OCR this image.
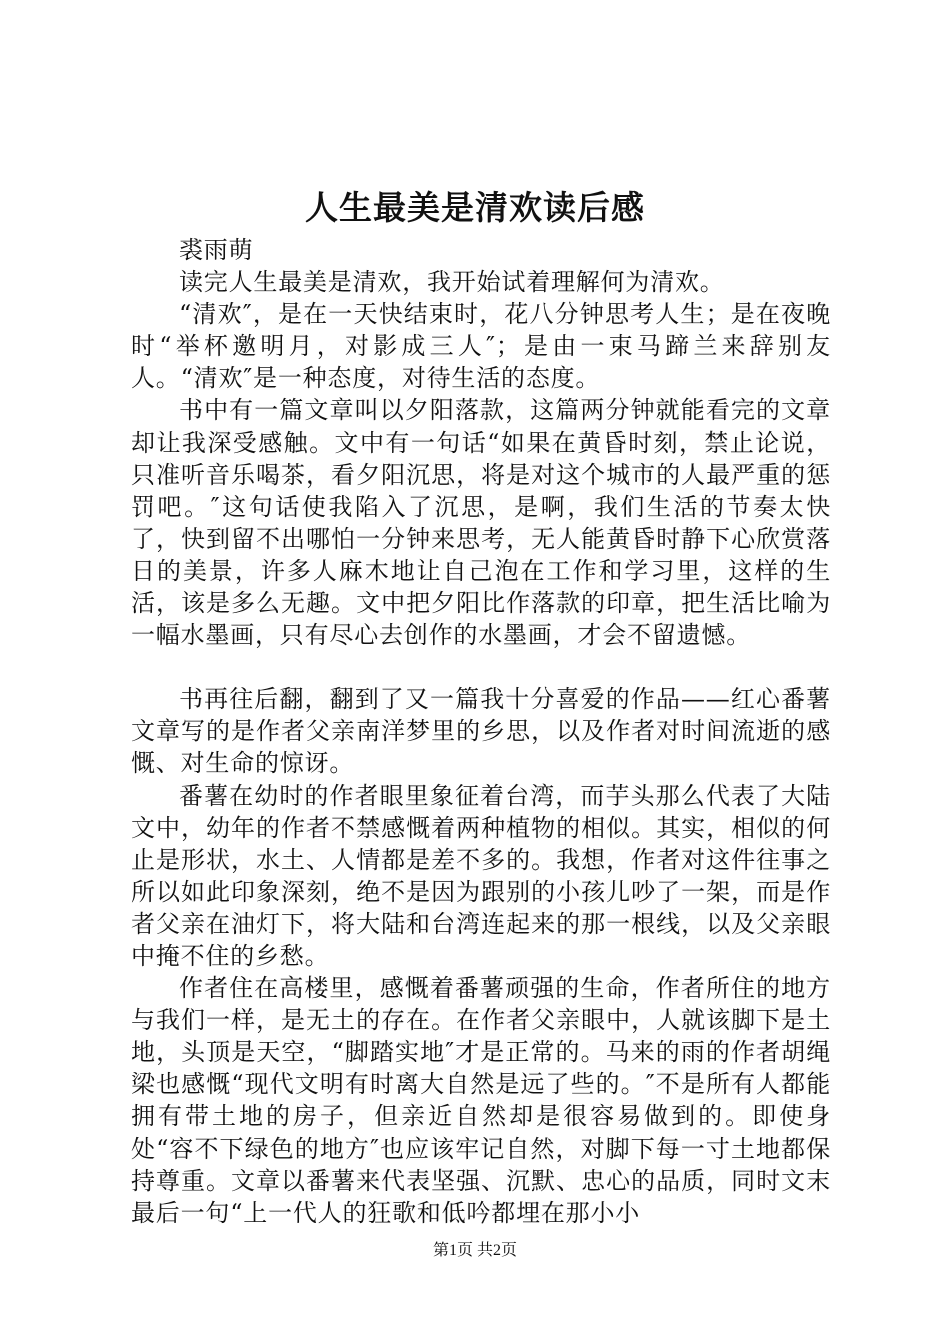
人生最美是清欢读后感

裘雨萌

读完人生最美是清欢，我开始试着理解何为清欢。

“清欢″，是在一天快结束时，花八分钟思考人生；是在夜晚时“举杯邀明月，对影成三人″；是由一束马蹄兰来辞别友人。“清欢″是一种态度，对待生活的态度。

书中有一篇文章叫以夕阳落款，这篇两分钟就能看完的文章却让我深受感触。文中有一句话“如果在黄昏时刻，禁止论说，只准听音乐喝茶，看夕阳沉思，将是对这个城市的人最严重的惩罚吧。″这句话使我陷入了沉思，是啊，我们生活的节奏太快了，快到留不出哪怕一分钟来思考，无人能黄昏时静下心欣赏落日的美景，许多人麻木地让自己泡在工作和学习里，这样的生活，该是多么无趣。文中把夕阳比作落款的印章，把生活比喻为一幅水墨画，只有尽心去创作的水墨画，才会不留遗憾。

书再往后翻，翻到了又一篇我十分喜爱的作品——红心番薯文章写的是作者父亲南洋梦里的乡思，以及作者对时间流逝的感慨、对生命的惊讶。

番薯在幼时的作者眼里象征着台湾，而芋头那么代表了大陆文中，幼年的作者不禁感慨着两种植物的相似。其实，相似的何止是形状，水土、人情都是差不多的。我想，作者对这件往事之所以如此印象深刻，绝不是因为跟别的小孩儿吵了一架，而是作者父亲在油灯下，将大陆和台湾连起来的那一根线，以及父亲眼中掩不住的乡愁。

作者住在高楼里，感慨着番薯顽强的生命，作者所住的地方与我们一样，是无土的存在。在作者父亲眼中，人就该脚下是土地，头顶是天空，“脚踏实地″才是正常的。马来的雨的作者胡绳梁也感慨“现代文明有时离大自然是远了些的。″不是所有人都能拥有带土地的房子，但亲近自然却是很容易做到的。即使身处“容不下绿色的地方″也应该牢记自然，对脚下每一寸土地都保持尊重。文章以番薯来代表坚强、沉默、忠心的品质，同时文末最后一句“上一代人的狂歌和低吟都埋在那小小

第1页 共2页
